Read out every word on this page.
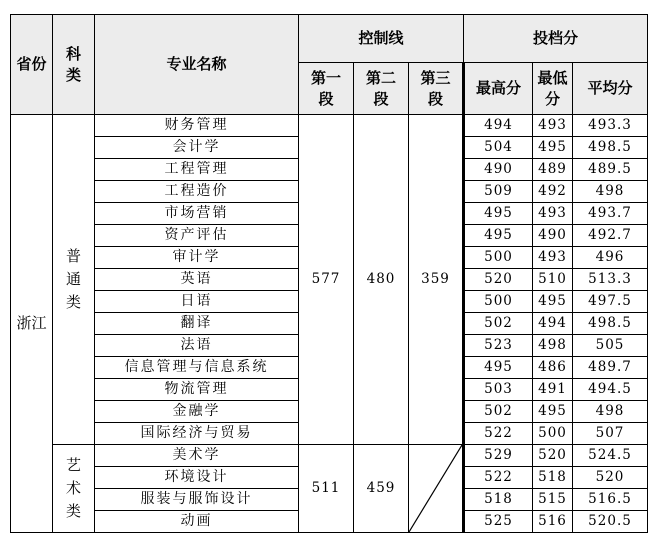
省份	科类	专业名称	控制线			投档分		

			第一段	第二段	第三段	最高分	最低分	平均分
浙江	普通类	财务管理	577	480	359	494	493	493.3
		会计学				504	495	498.5
		工程管理				490	489	489.5
		工程造价				509	492	498
		市场营销				495	493	493.7
		资产评估				495	490	492.7
		审计学				500	493	496
		英语				520	510	513.3
		日语				500	495	497.5
		翻译				502	494	498.5
		法语				523	498	505
		信息管理与信息系统				495	486	489.7
		物流管理				503	491	494.5
		金融学				502	495	498
		国际经济与贸易				522	500	507

	艺术类	美术学	511	459		529	520	524.5
		环境设计				522	518	520
		服装与服饰设计				518	515	516.5
		动画				525	516	520.5
